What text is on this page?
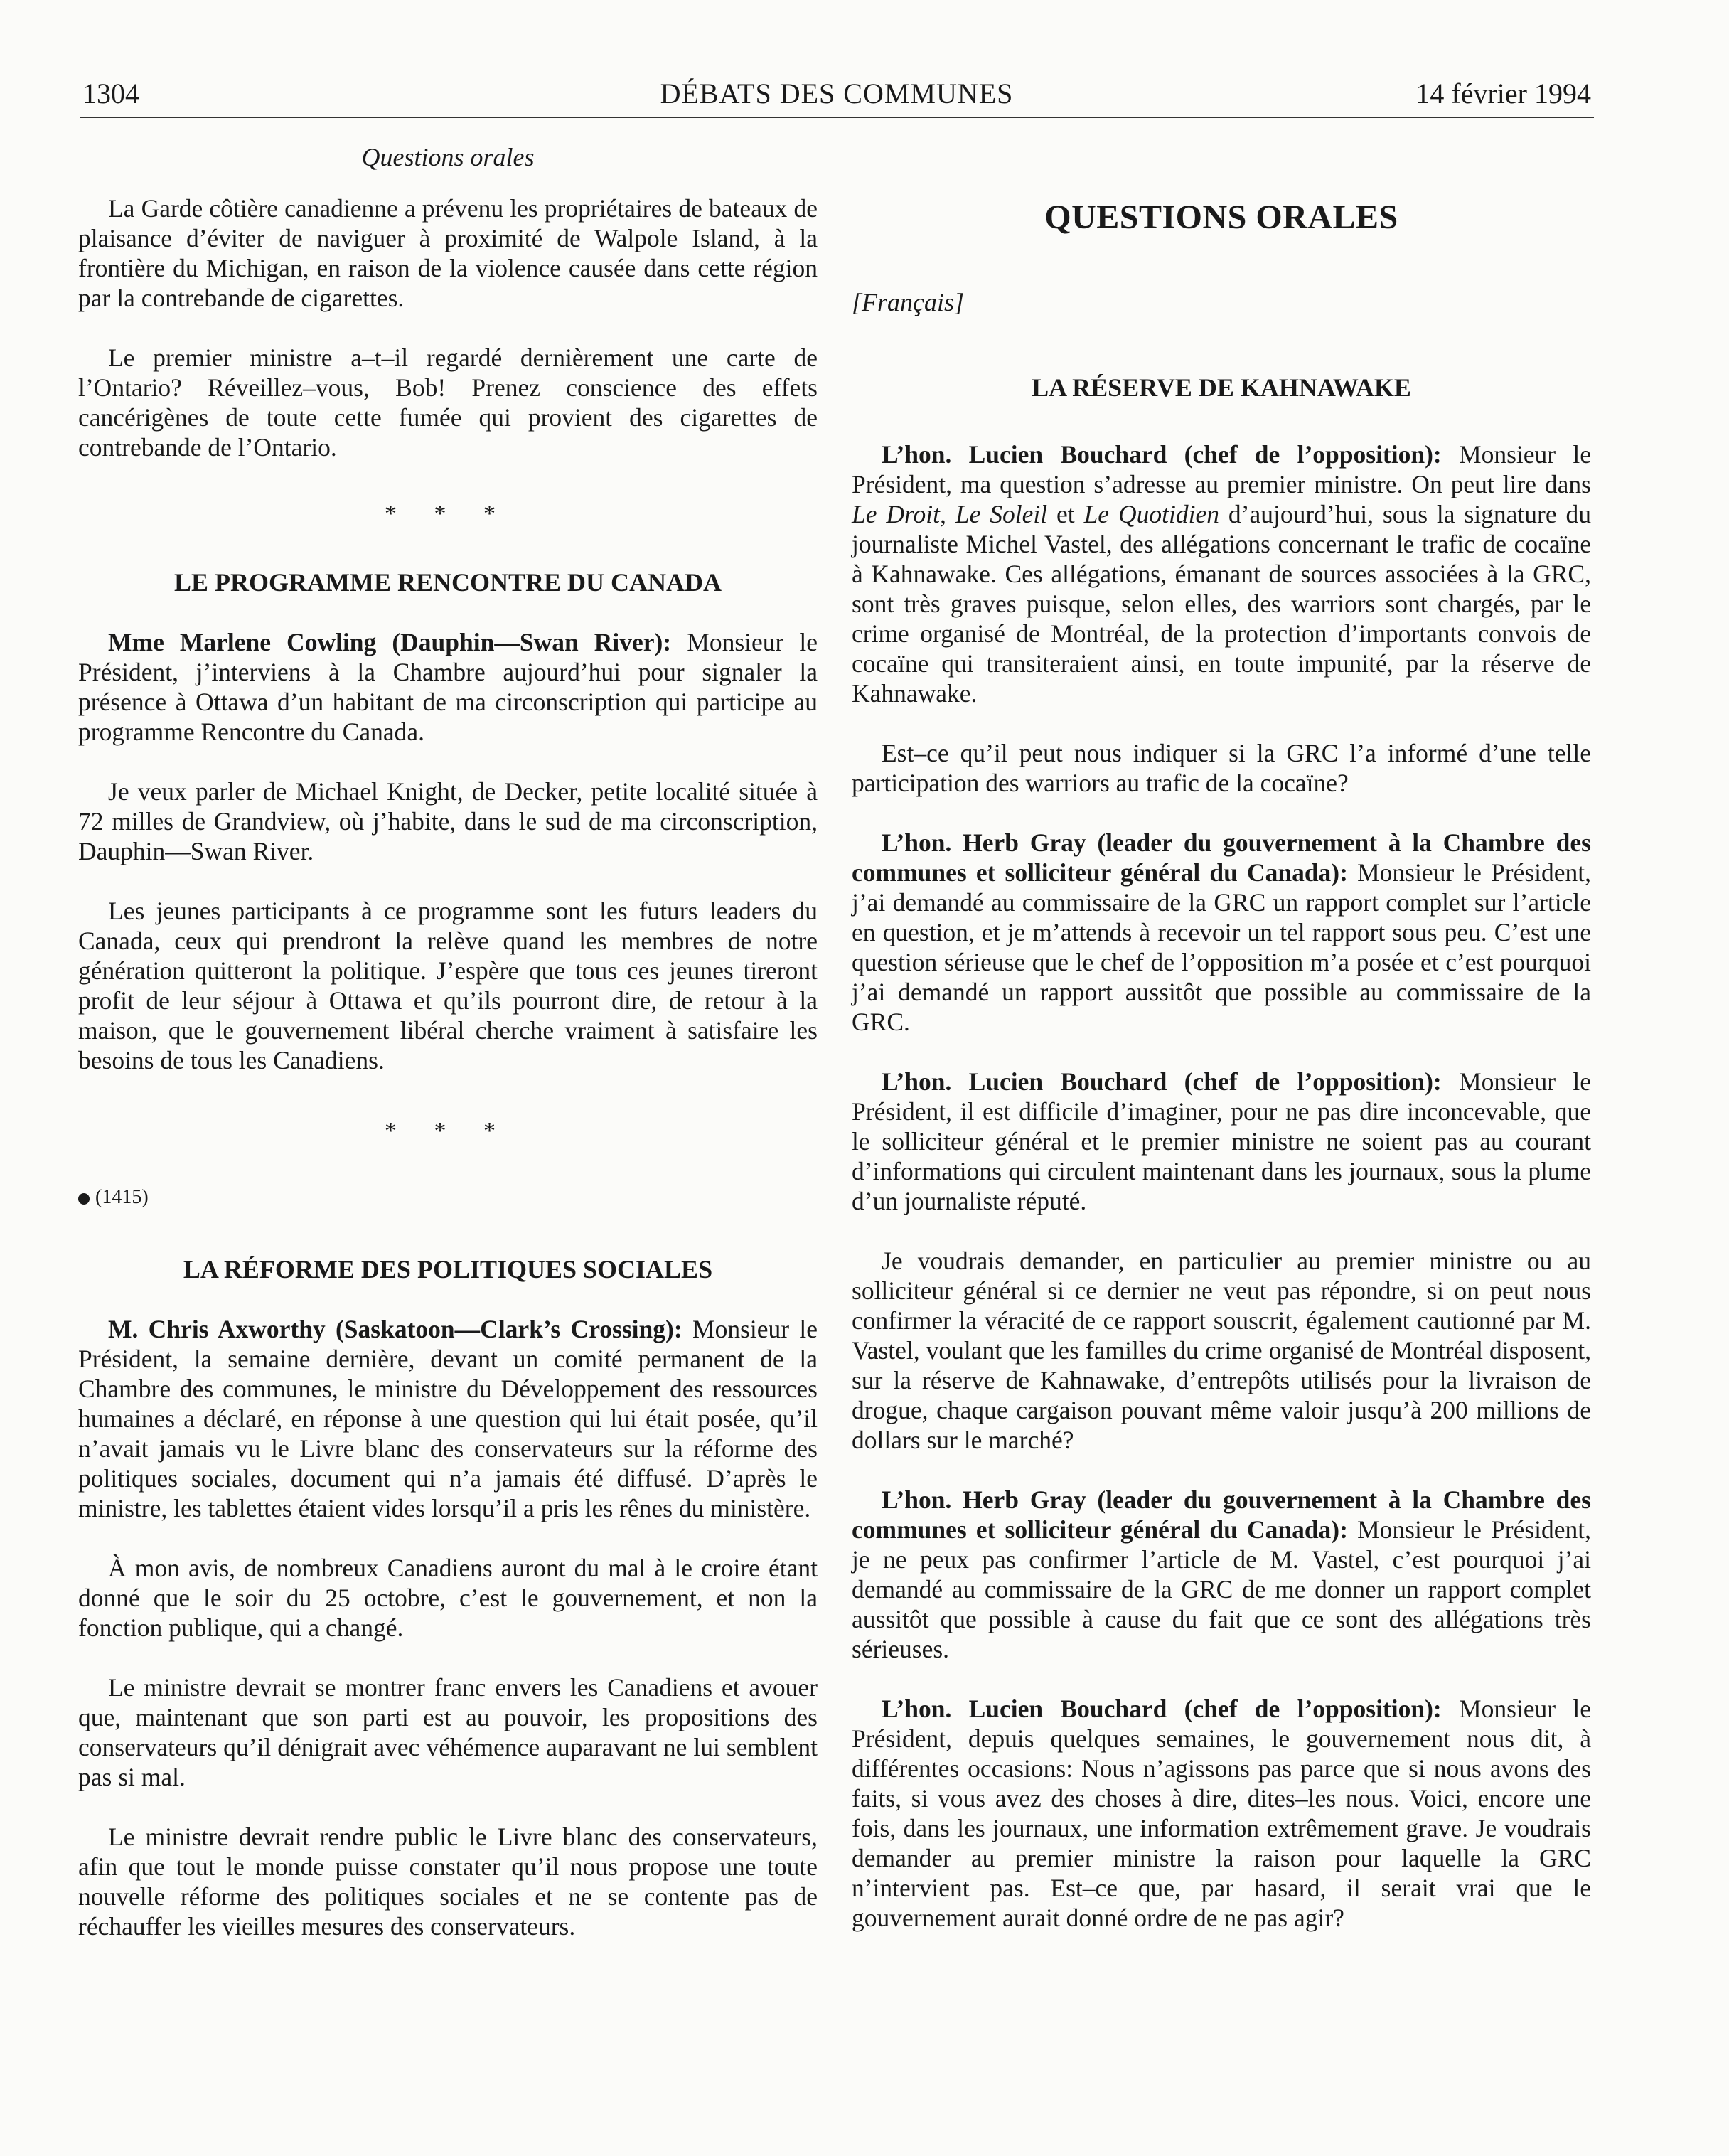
1304	DÉBATS DES COMMUNES	14 février 1994
Questions orales

La Garde côtière canadienne a prévenu les propriétaires de bateaux de plaisance d’éviter de naviguer à proximité de Walpole Island, à la frontière du Michigan, en raison de la violence causée dans cette région par la contrebande de cigarettes.

Le premier ministre a–t–il regardé dernièrement une carte de l’Ontario? Réveillez–vous, Bob! Prenez conscience des effets cancérigènes de toute cette fumée qui provient des cigarettes de contrebande de l’Ontario.

* * *
LE PROGRAMME RENCONTRE DU CANADA

Mme Marlene Cowling (Dauphin—Swan River): Monsieur le Président, j’interviens à la Chambre aujourd’hui pour signaler la présence à Ottawa d’un habitant de ma circonscription qui participe au programme Rencontre du Canada.

Je veux parler de Michael Knight, de Decker, petite localité située à 72 milles de Grandview, où j’habite, dans le sud de ma circonscription, Dauphin—Swan River.

Les jeunes participants à ce programme sont les futurs leaders du Canada, ceux qui prendront la relève quand les membres de notre génération quitteront la politique. J’espère que tous ces jeunes tireront profit de leur séjour à Ottawa et qu’ils pourront dire, de retour à la maison, que le gouvernement libéral cherche vraiment à satisfaire les besoins de tous les Canadiens.

* * *
(1415)
LA RÉFORME DES POLITIQUES SOCIALES

M. Chris Axworthy (Saskatoon—Clark’s Crossing): Monsieur le Président, la semaine dernière, devant un comité permanent de la Chambre des communes, le ministre du Développement des ressources humaines a déclaré, en réponse à une question qui lui était posée, qu’il n’avait jamais vu le Livre blanc des conservateurs sur la réforme des politiques sociales, document qui n’a jamais été diffusé. D’après le ministre, les tablettes étaient vides lorsqu’il a pris les rênes du ministère.

À mon avis, de nombreux Canadiens auront du mal à le croire étant donné que le soir du 25 octobre, c’est le gouvernement, et non la fonction publique, qui a changé.

Le ministre devrait se montrer franc envers les Canadiens et avouer que, maintenant que son parti est au pouvoir, les propositions des conservateurs qu’il dénigrait avec véhémence auparavant ne lui semblent pas si mal.

Le ministre devrait rendre public le Livre blanc des conservateurs, afin que tout le monde puisse constater qu’il nous propose une toute nouvelle réforme des politiques sociales et ne se contente pas de réchauffer les vieilles mesures des conservateurs.

QUESTIONS ORALES
[Français]
LA RÉSERVE DE KAHNAWAKE

L’hon. Lucien Bouchard (chef de l’opposition): Monsieur le Président, ma question s’adresse au premier ministre. On peut lire dans Le Droit, Le Soleil et Le Quotidien d’aujourd’hui, sous la signature du journaliste Michel Vastel, des allégations concernant le trafic de cocaïne à Kahnawake. Ces allégations, émanant de sources associées à la GRC, sont très graves puisque, selon elles, des warriors sont chargés, par le crime organisé de Montréal, de la protection d’importants convois de cocaïne qui transiteraient ainsi, en toute impunité, par la réserve de Kahnawake.

Est–ce qu’il peut nous indiquer si la GRC l’a informé d’une telle participation des warriors au trafic de la cocaïne?

L’hon. Herb Gray (leader du gouvernement à la Chambre des communes et solliciteur général du Canada): Monsieur le Président, j’ai demandé au commissaire de la GRC un rapport complet sur l’article en question, et je m’attends à recevoir un tel rapport sous peu. C’est une question sérieuse que le chef de l’opposition m’a posée et c’est pourquoi j’ai demandé un rapport aussitôt que possible au commissaire de la GRC.

L’hon. Lucien Bouchard (chef de l’opposition): Monsieur le Président, il est difficile d’imaginer, pour ne pas dire inconcevable, que le solliciteur général et le premier ministre ne soient pas au courant d’informations qui circulent maintenant dans les journaux, sous la plume d’un journaliste réputé.

Je voudrais demander, en particulier au premier ministre ou au solliciteur général si ce dernier ne veut pas répondre, si on peut nous confirmer la véracité de ce rapport souscrit, également cautionné par M. Vastel, voulant que les familles du crime organisé de Montréal disposent, sur la réserve de Kahnawake, d’entrepôts utilisés pour la livraison de drogue, chaque cargaison pouvant même valoir jusqu’à 200 millions de dollars sur le marché?

L’hon. Herb Gray (leader du gouvernement à la Chambre des communes et solliciteur général du Canada): Monsieur le Président, je ne peux pas confirmer l’article de M. Vastel, c’est pourquoi j’ai demandé au commissaire de la GRC de me donner un rapport complet aussitôt que possible à cause du fait que ce sont des allégations très sérieuses.

L’hon. Lucien Bouchard (chef de l’opposition): Monsieur le Président, depuis quelques semaines, le gouvernement nous dit, à différentes occasions: Nous n’agissons pas parce que si nous avons des faits, si vous avez des choses à dire, dites–les nous. Voici, encore une fois, dans les journaux, une information extrêmement grave. Je voudrais demander au premier ministre la raison pour laquelle la GRC n’intervient pas. Est–ce que, par hasard, il serait vrai que le gouvernement aurait donné ordre de ne pas agir?
